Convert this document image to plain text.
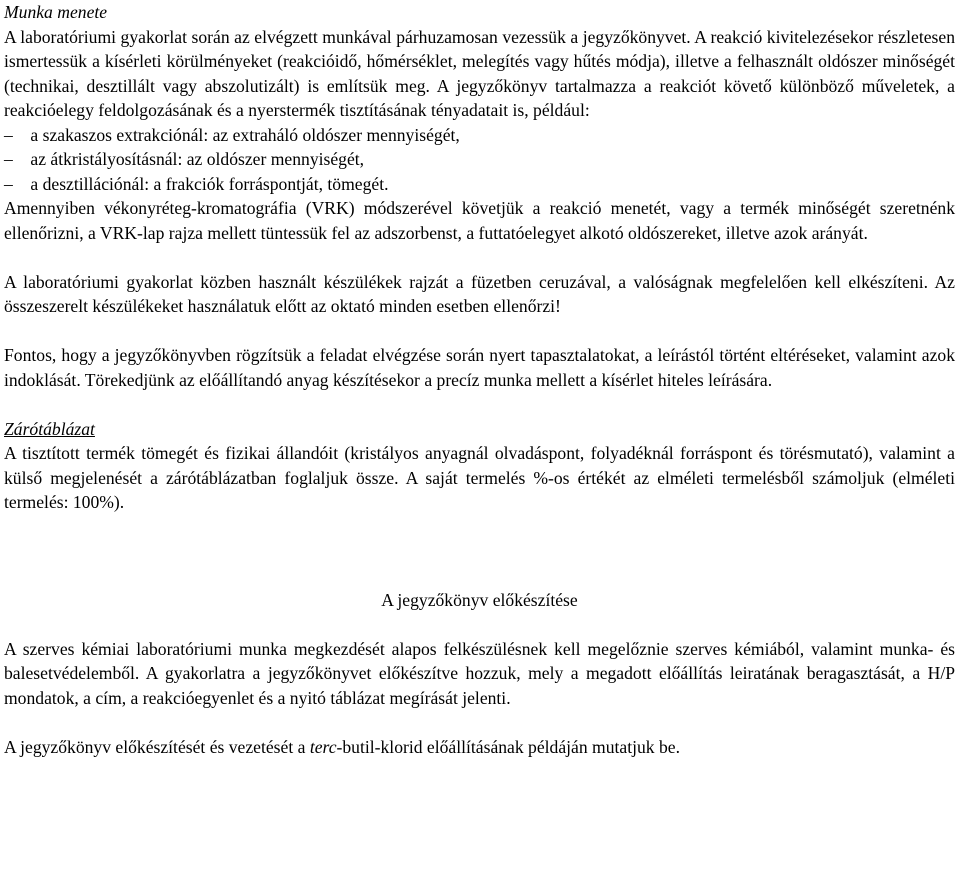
Munka menete

A laboratóriumi gyakorlat során az elvégzett munkával párhuzamosan vezessük a jegyzőkönyvet. A reakció kivitelezésekor részletesen ismertessük a kísérleti körülményeket (reakcióidő, hőmérséklet, melegítés vagy hűtés módja), illetve a felhasznált oldószer minőségét (technikai, desztillált vagy abszolutizált) is említsük meg. A jegyzőkönyv tartalmazza a reakciót követő különböző műveletek, a reakcióelegy feldolgozásának és a nyerstermék tisztításának tényadatait is, például:

– a szakaszos extrakciónál: az extraháló oldószer mennyiségét,

– az átkristályosításnál: az oldószer mennyiségét,

– a desztillációnál: a frakciók forráspontját, tömegét.

Amennyiben vékonyréteg-kromatográfia (VRK) módszerével követjük a reakció menetét, vagy a termék minőségét szeretnénk ellenőrizni, a VRK-lap rajza mellett tüntessük fel az adszorbenst, a futtatóelegyet alkotó oldószereket, illetve azok arányát.

A laboratóriumi gyakorlat közben használt készülékek rajzát a füzetben ceruzával, a valóságnak megfelelően kell elkészíteni. Az összeszerelt készülékeket használatuk előtt az oktató minden esetben ellenőrzi!

Fontos, hogy a jegyzőkönyvben rögzítsük a feladat elvégzése során nyert tapasztalatokat, a leírástól történt eltéréseket, valamint azok indoklását. Törekedjünk az előállítandó anyag készítésekor a precíz munka mellett a kísérlet hiteles leírására.

Zárótáblázat

A tisztított termék tömegét és fizikai állandóit (kristályos anyagnál olvadáspont, folyadéknál forráspont és törésmutató), valamint a külső megjelenését a zárótáblázatban foglaljuk össze. A saját termelés %-os értékét az elméleti termelésből számoljuk (elméleti termelés: 100%).

A jegyzőkönyv előkészítése

A szerves kémiai laboratóriumi munka megkezdését alapos felkészülésnek kell megelőznie szerves kémiából, valamint munka- és balesetvédelemből. A gyakorlatra a jegyzőkönyvet előkészítve hozzuk, mely a megadott előállítás leiratának beragasztását, a H/P mondatok, a cím, a reakcióegyenlet és a nyitó táblázat megírását jelenti.

A jegyzőkönyv előkészítését és vezetését a terc-butil-klorid előállításának példáján mutatjuk be.
